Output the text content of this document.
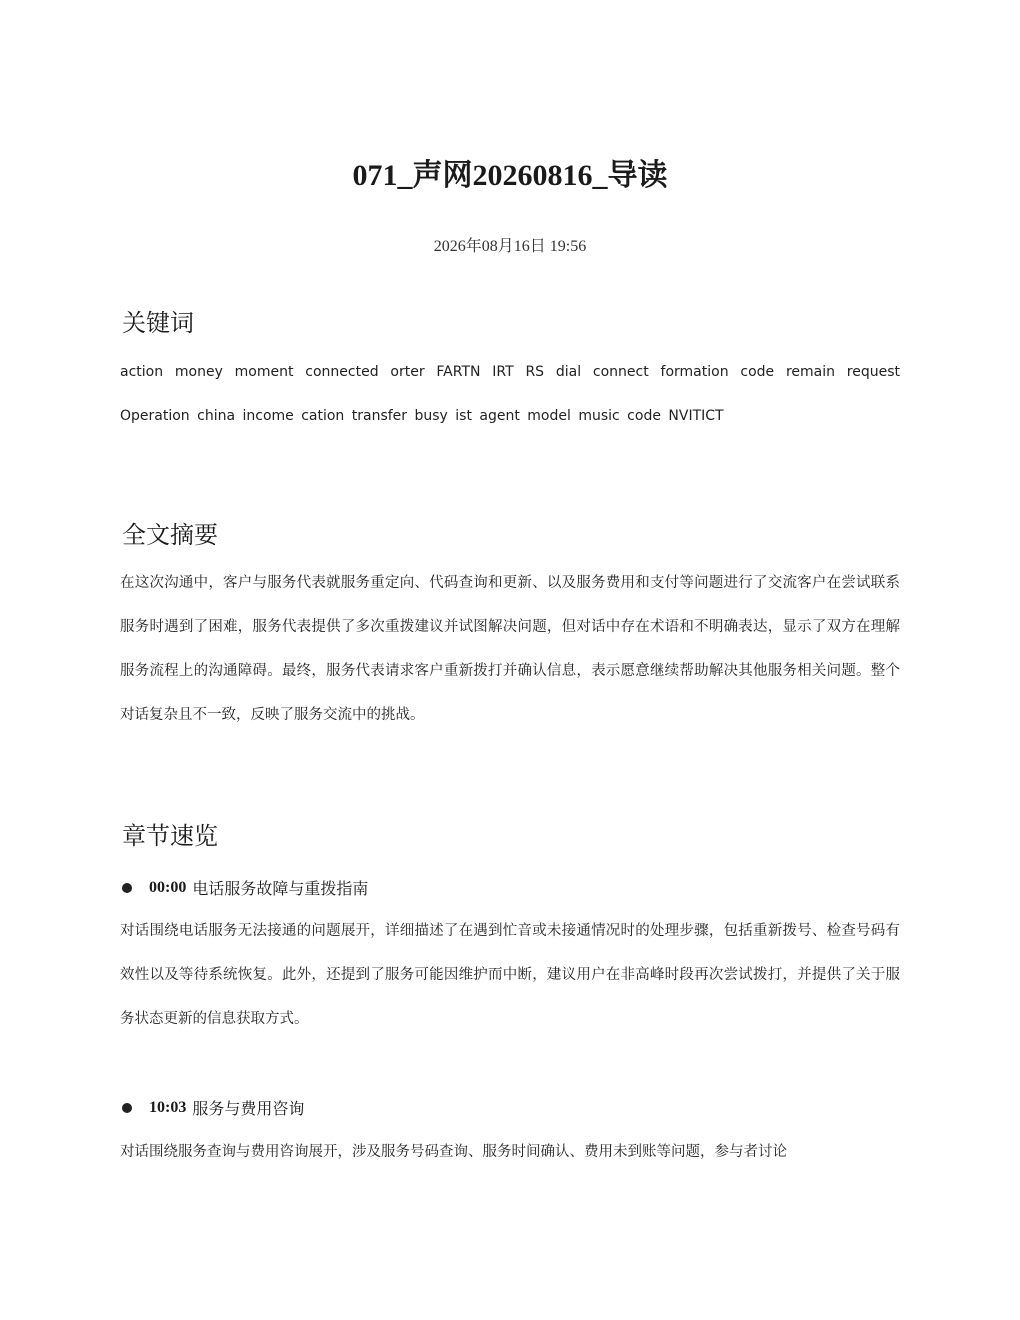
071_声网20260816_导读
2026年08月16日 19:56
关键词

action money moment connected orter FARTN IRT RS dial connect formation code remain request Operation china income cation transfer busy ist agent model music code NVITICT

全文摘要

在这次沟通中，客户与服务代表就服务重定向、代码查询和更新、以及服务费用和支付等问题进行了交流客户在尝试联系服务时遇到了困难，服务代表提供了多次重拨建议并试图解决问题，但对话中存在术语和不明确表达，显示了双方在理解服务流程上的沟通障碍。最终，服务代表请求客户重新拨打并确认信息，表示愿意继续帮助解决其他服务相关问题。整个对话复杂且不一致，反映了服务交流中的挑战。

章节速览
00:00 电话服务故障与重拨指南

对话围绕电话服务无法接通的问题展开，详细描述了在遇到忙音或未接通情况时的处理步骤，包括重新拨号、检查号码有效性以及等待系统恢复。此外，还提到了服务可能因维护而中断，建议用户在非高峰时段再次尝试拨打，并提供了关于服务状态更新的信息获取方式。

10:03 服务与费用咨询

对话围绕服务查询与费用咨询展开，涉及服务号码查询、服务时间确认、费用未到账等问题，参与者讨论
